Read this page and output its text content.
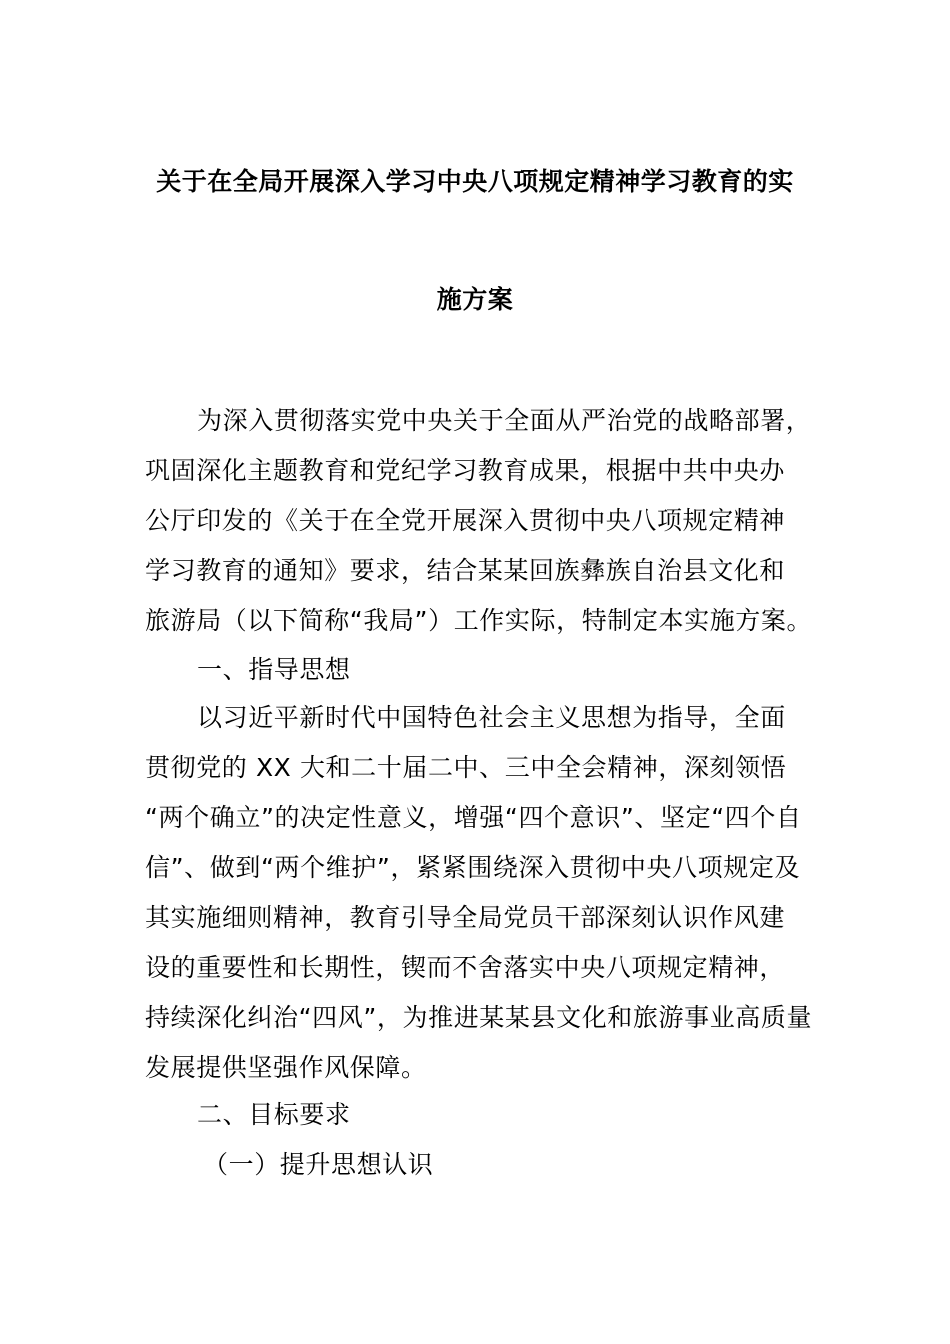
关于在全局开展深入学习中央八项规定精神学习教育的实
施方案
为深入贯彻落实党中央关于全面从严治党的战略部署，
巩固深化主题教育和党纪学习教育成果，根据中共中央办
公厅印发的《关于在全党开展深入贯彻中央八项规定精神
学习教育的通知》要求，结合某某回族彝族自治县文化和
旅游局（以下简称“我局”）工作实际，特制定本实施方案。
一、指导思想
以习近平新时代中国特色社会主义思想为指导，全面
贯彻党的 XX 大和二十届二中、三中全会精神，深刻领悟
“两个确立”的决定性意义，增强“四个意识”、坚定“四个自
信”、做到“两个维护”，紧紧围绕深入贯彻中央八项规定及
其实施细则精神，教育引导全局党员干部深刻认识作风建
设的重要性和长期性，锲而不舍落实中央八项规定精神，
持续深化纠治“四风”，为推进某某县文化和旅游事业高质量
发展提供坚强作风保障。
二、目标要求
（一）提升思想认识
